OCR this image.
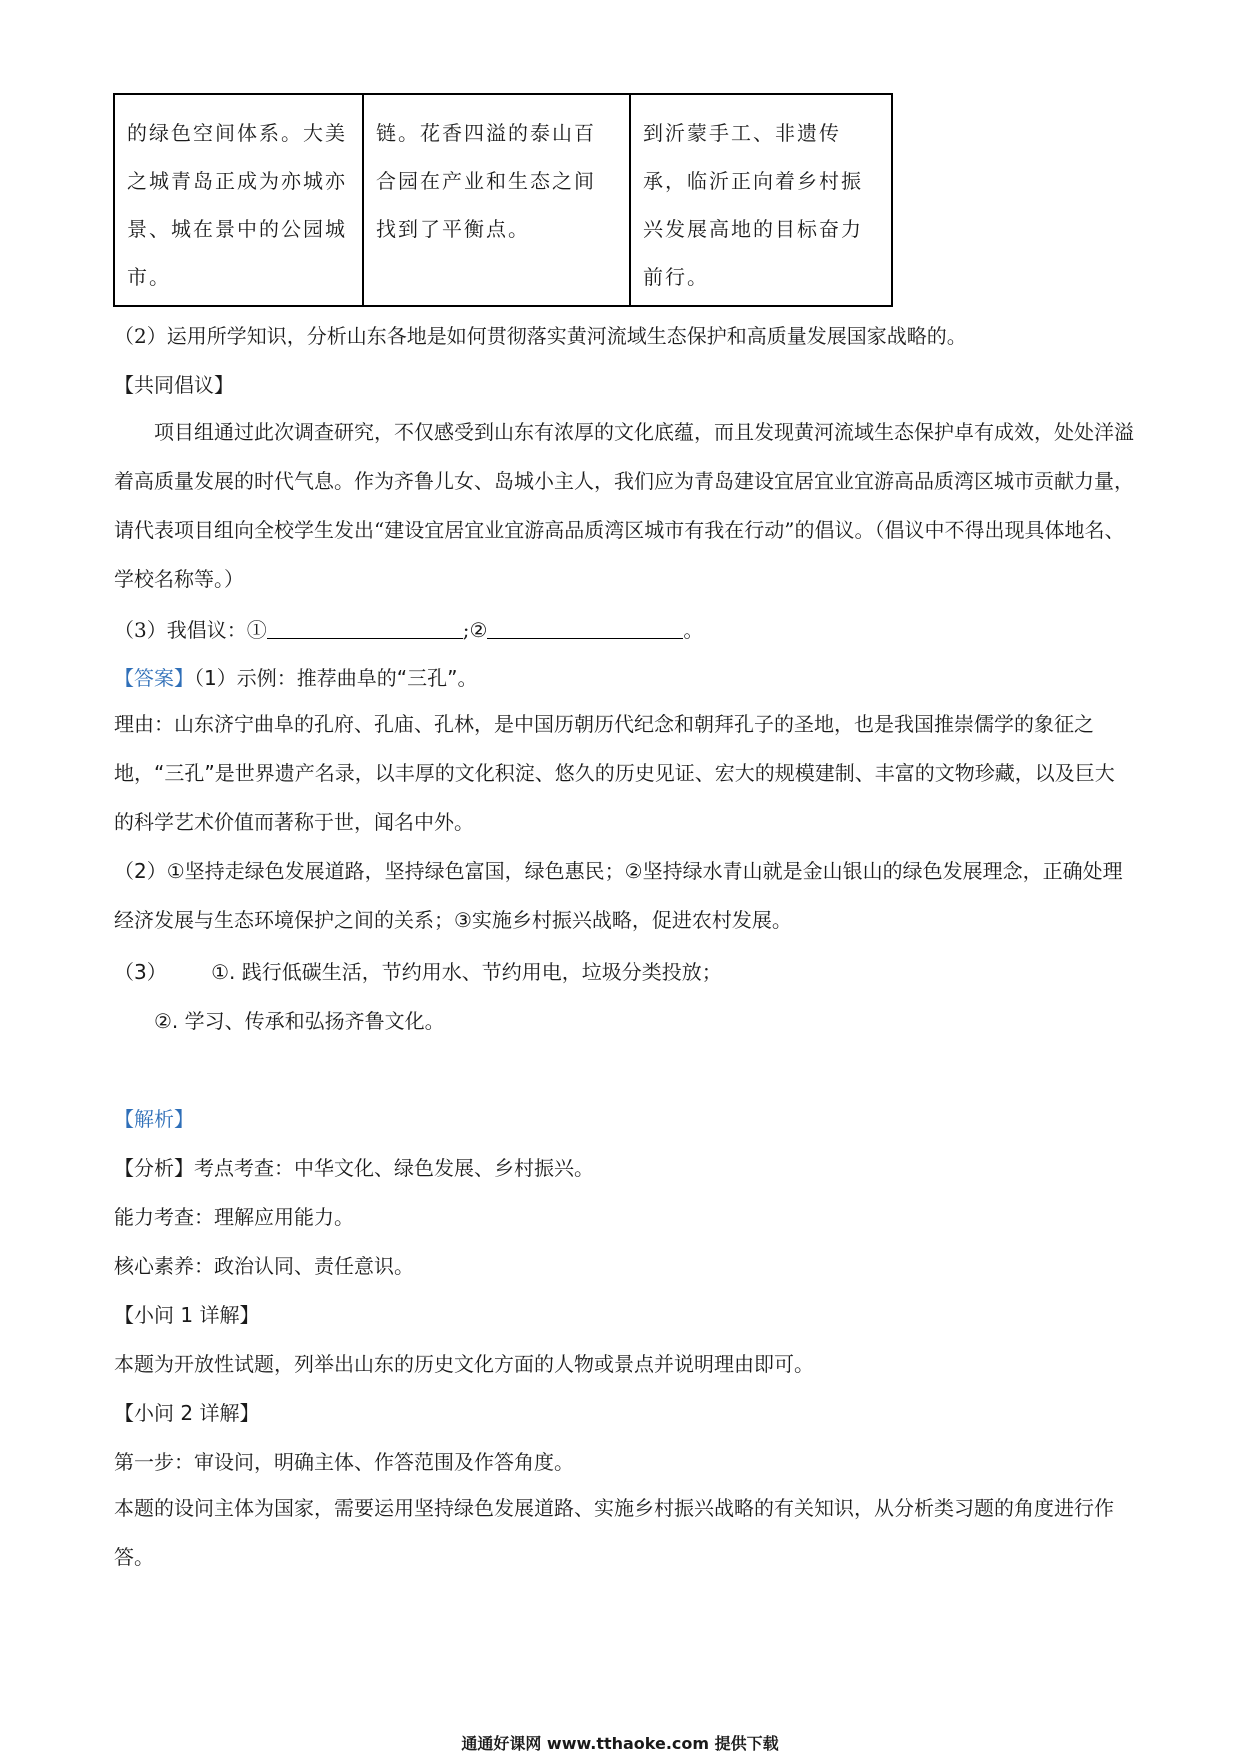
的绿色空间体系。大美之城青岛正成为亦城亦景、城在景中的公园城市。
链。花香四溢的泰山百合园在产业和生态之间找到了平衡点。
到沂蒙手工、非遗传承，临沂正向着乡村振兴发展高地的目标奋力前行。
（2）运用所学知识，分析山东各地是如何贯彻落实黄河流域生态保护和高质量发展国家战略的。
【共同倡议】
项目组通过此次调查研究，不仅感受到山东有浓厚的文化底蕴，而且发现黄河流域生态保护卓有成效，处处洋溢着高质量发展的时代气息。作为齐鲁儿女、岛城小主人，我们应为青岛建设宜居宜业宜游高品质湾区城市贡献力量，请代表项目组向全校学生发出“建设宜居宜业宜游高品质湾区城市有我在行动”的倡议。（倡议中不得出现具体地名、学校名称等。）
（3）我倡议：①	;②	。
【答案】（1）示例：推荐曲阜的“三孔”。
理由：山东济宁曲阜的孔府、孔庙、孔林，是中国历朝历代纪念和朝拜孔子的圣地，也是我国推崇儒学的象征之地，“三孔”是世界遗产名录，以丰厚的文化积淀、悠久的历史见证、宏大的规模建制、丰富的文物珍藏，以及巨大的科学艺术价值而著称于世，闻名中外。
（2）①坚持走绿色发展道路，坚持绿色富国，绿色惠民；②坚持绿水青山就是金山银山的绿色发展理念，正确处理经济发展与生态环境保护之间的关系；③实施乡村振兴战略，促进农村发展。
（3） ①. 践行低碳生活，节约用水、节约用电，垃圾分类投放；
②. 学习、传承和弘扬齐鲁文化。
【解析】
【分析】考点考查：中华文化、绿色发展、乡村振兴。
能力考查：理解应用能力。
核心素养：政治认同、责任意识。
【小问 1 详解】
本题为开放性试题，列举出山东的历史文化方面的人物或景点并说明理由即可。
【小问 2 详解】
第一步：审设问，明确主体、作答范围及作答角度。
本题的设问主体为国家，需要运用坚持绿色发展道路、实施乡村振兴战略的有关知识，从分析类习题的角度进行作答。
通通好课网 www.tthaoke.com 提供下载
